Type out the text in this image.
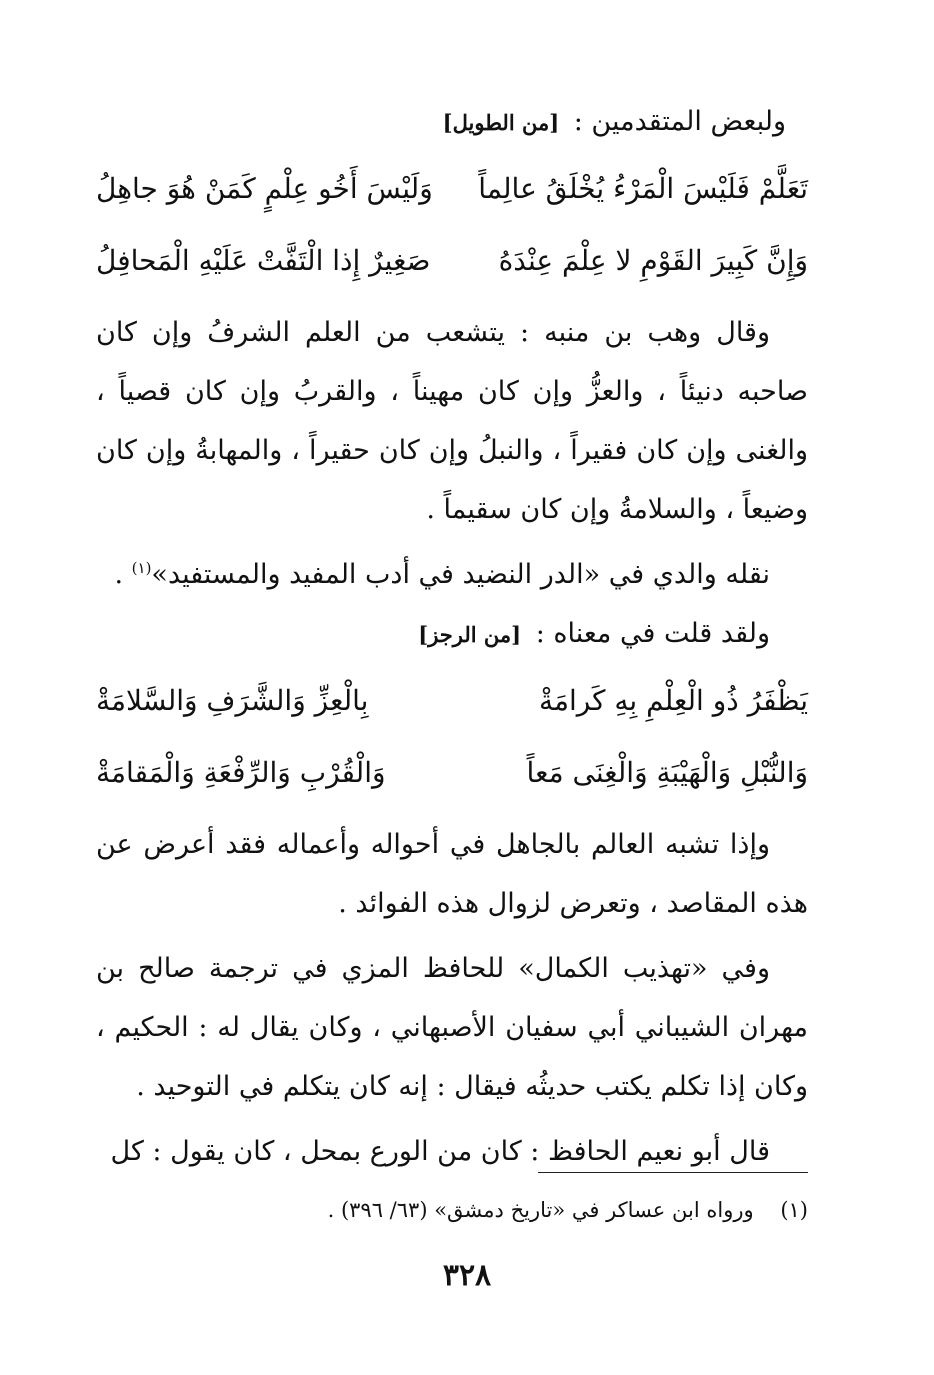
ولبعض المتقدمين : [من الطويل]

تَعَلَّمْ فَلَيْسَ الْمَرْءُ يُخْلَقُ عالِماً
وَلَيْسَ أَخُو عِلْمٍ كَمَنْ هُوَ جاهِلُ
وَإِنَّ كَبِيرَ القَوْمِ لا عِلْمَ عِنْدَهُ
صَغِيرٌ إِذا الْتَفَّتْ عَلَيْهِ الْمَحافِلُ

وقال وهب بن منبه : يتشعب من العلم الشرفُ وإن كان صاحبه دنيئاً ، والعزُّ وإن كان مهيناً ، والقربُ وإن كان قصياً ، والغنى وإن كان فقيراً ، والنبلُ وإن كان حقيراً ، والمهابةُ وإن كان وضيعاً ، والسلامةُ وإن كان سقيماً .

نقله والدي في «الدر النضيد في أدب المفيد والمستفيد»$^{(١)}$ .

ولقد قلت في معناه : [من الرجز]

يَظْفَرُ ذُو الْعِلْمِ بِهِ كَرامَةْ
بِالْعِزِّ وَالشَّرَفِ وَالسَّلامَةْ
وَالنُّبْلِ وَالْهَيْبَةِ وَالْغِنَى مَعاً
وَالْقُرْبِ وَالرِّفْعَةِ وَالْمَقامَةْ

وإذا تشبه العالم بالجاهل في أحواله وأعماله فقد أعرض عن هذه المقاصد ، وتعرض لزوال هذه الفوائد .

وفي «تهذيب الكمال» للحافظ المزي في ترجمة صالح بن مهران الشيباني أبي سفيان الأصبهاني ، وكان يقال له : الحكيم ، وكان إذا تكلم يكتب حديثُه فيقال : إنه كان يتكلم في التوحيد .

قال أبو نعيم الحافظ : كان من الورع بمحل ، كان يقول : كل

(١) ورواه ابن عساكر في «تاريخ دمشق» (٦٣/ ٣٩٦) .
٣٢٨
